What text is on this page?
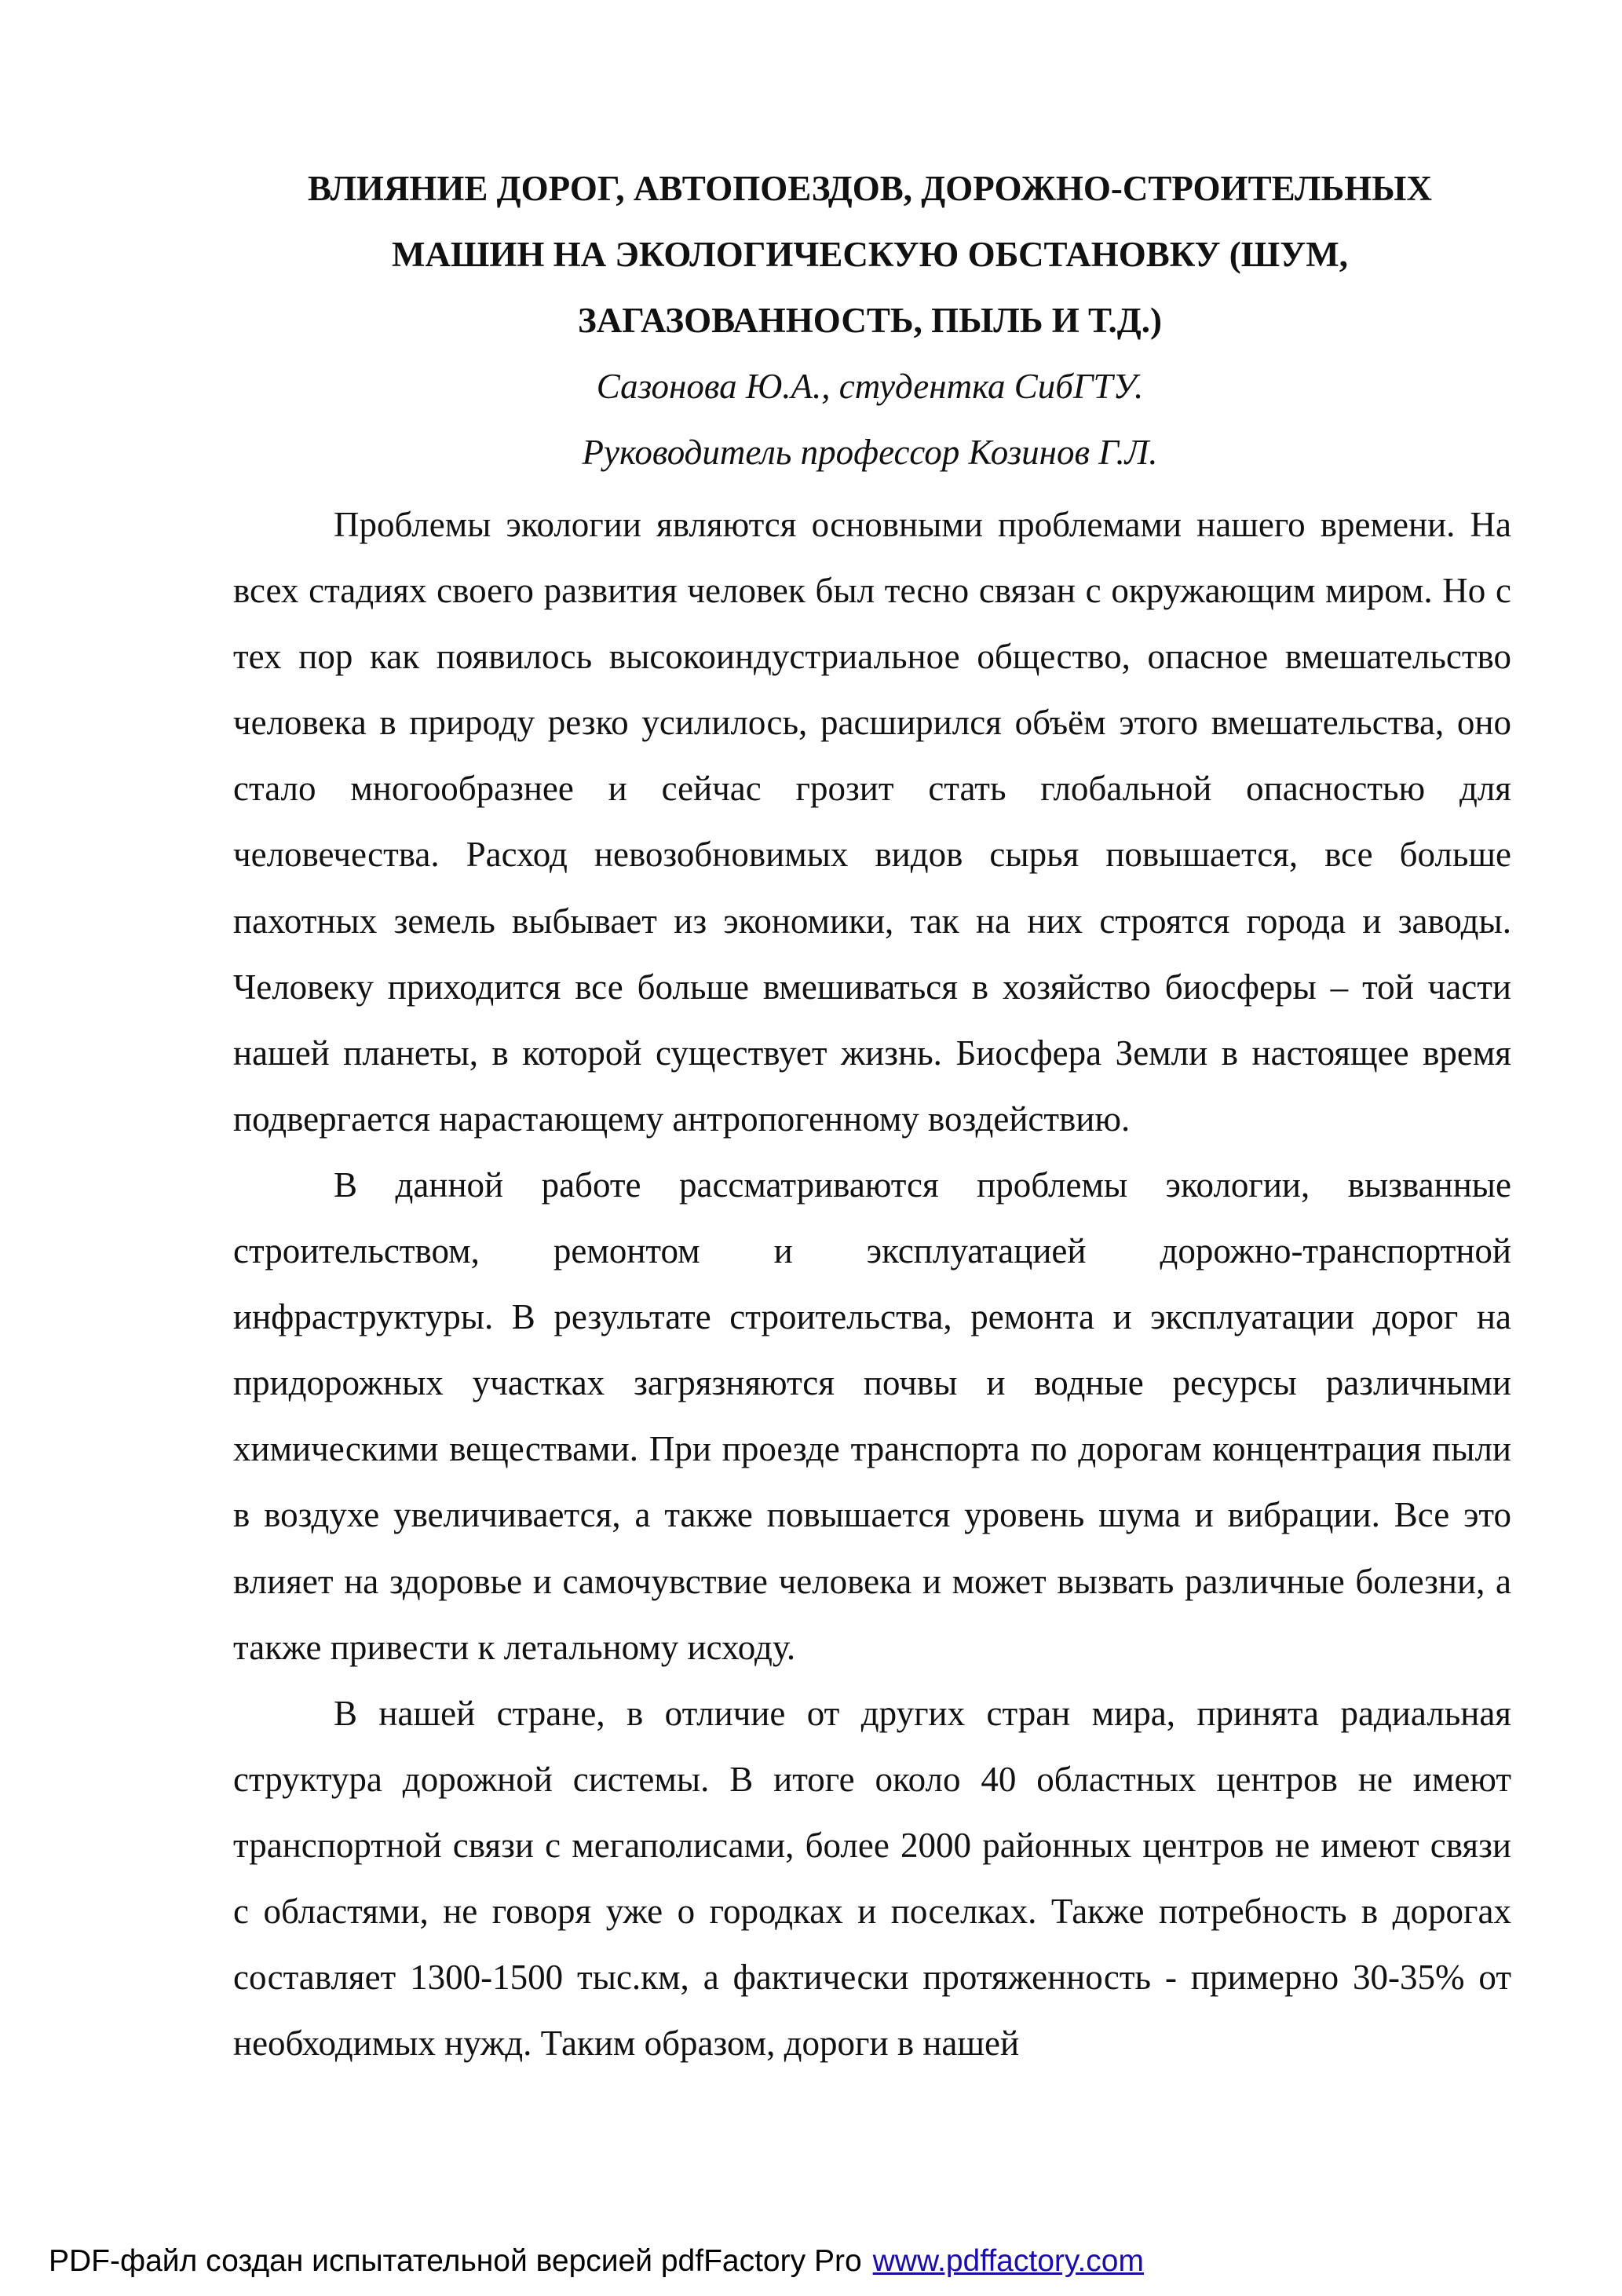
ВЛИЯНИЕ ДОРОГ, АВТОПОЕЗДОВ, ДОРОЖНО-СТРОИТЕЛЬНЫХ
МАШИН НА ЭКОЛОГИЧЕСКУЮ ОБСТАНОВКУ (ШУМ,
ЗАГАЗОВАННОСТЬ, ПЫЛЬ И Т.Д.)

Сазонова Ю.А., студентка СибГТУ.

Руководитель профессор Козинов Г.Л.

Проблемы экологии являются основными проблемами нашего времени. На всех стадиях своего развития человек был тесно связан с окружающим миром. Но с тех пор как появилось высокоиндустриальное общество, опасное вмешательство человека в природу резко усилилось, расширился объём этого вмешательства, оно стало многообразнее и сейчас грозит стать глобальной опасностью для человечества. Расход невозобновимых видов сырья повышается, все больше пахотных земель выбывает из экономики, так на них строятся города и заводы. Человеку приходится все больше вмешиваться в хозяйство биосферы – той части нашей планеты, в которой существует жизнь. Биосфера Земли в настоящее время подвергается нарастающему антропогенному воздействию.

В данной работе рассматриваются проблемы экологии, вызванные строительством, ремонтом и эксплуатацией дорожно-транспортной инфраструктуры. В результате строительства, ремонта и эксплуатации дорог на придорожных участках загрязняются почвы и водные ресурсы различными химическими веществами. При проезде транспорта по дорогам концентрация пыли в воздухе увеличивается, а также повышается уровень шума и вибрации. Все это влияет на здоровье и самочувствие человека и может вызвать различные болезни, а также привести к летальному исходу.

В нашей стране, в отличие от других стран мира, принята радиальная структура дорожной системы. В итоге около 40 областных центров не имеют транспортной связи с мегаполисами, более 2000 районных центров не имеют связи с областями, не говоря уже о городках и поселках. Также потребность в дорогах составляет 1300-1500 тыс.км, а фактически протяженность - примерно 30-35% от необходимых нужд. Таким образом, дороги в нашей

PDF-файл создан испытательной версией pdfFactory Pro www.pdffactory.com
